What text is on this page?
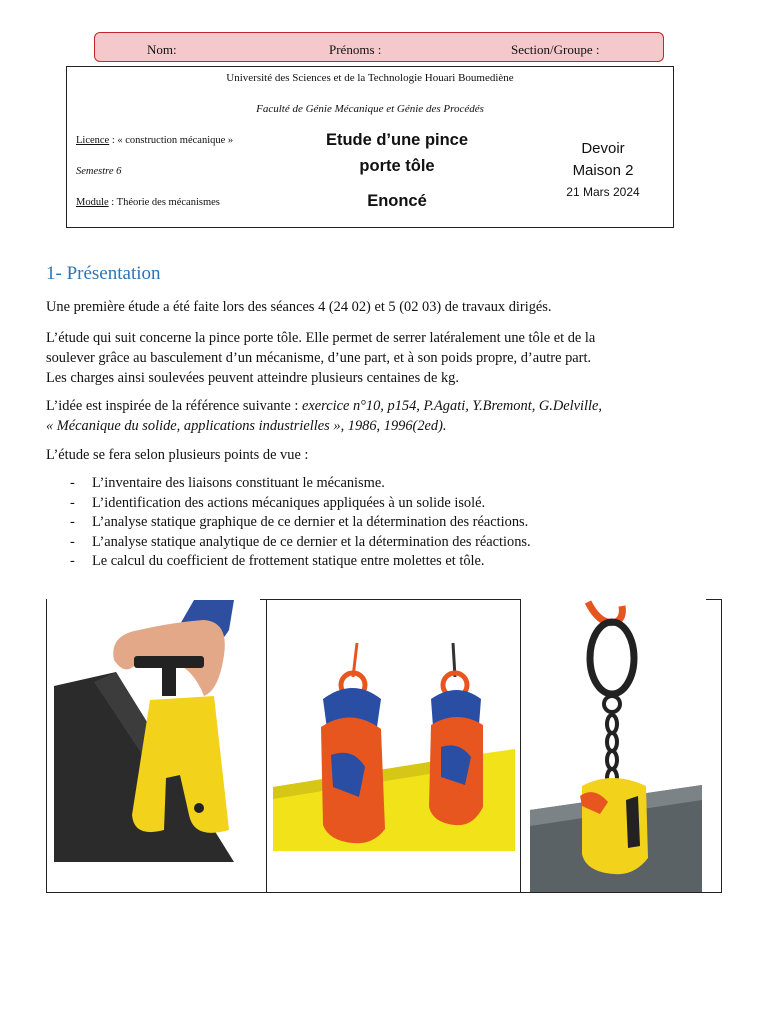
Nom:	Prénoms :	Section/Groupe :
Université des Sciences et de la Technologie Houari Boumediène
Faculté de Génie Mécanique et Génie des Procédés
Licence : « construction mécanique »
Semestre 6
Module : Théorie des mécanismes
Etude d’une pince
porte tôle
Enoncé
Devoir
Maison 2
21 Mars 2024
1- Présentation

Une première étude a été faite lors des séances 4 (24 02) et 5 (02 03) de travaux dirigés.

L’étude qui suit concerne la pince porte tôle. Elle permet de serrer latéralement une tôle et de la
soulever grâce au basculement d’un mécanisme, d’une part, et à son poids propre, d’autre part.
Les charges ainsi soulevées peuvent atteindre plusieurs centaines de kg.
L’idée est inspirée de la référence suivante : exercice n°10, p154, P.Agati, Y.Bremont, G.Delville,
« Mécanique du solide, applications industrielles », 1986, 1996(2ed).

L’étude se fera selon plusieurs points de vue :

- L’inventaire des liaisons constituant le mécanisme.
- L’identification des actions mécaniques appliquées à un solide isolé.
- L’analyse statique graphique de ce dernier et la détermination des réactions.
- L’analyse statique analytique de ce dernier et la détermination des réactions.
- Le calcul du coefficient de frottement statique entre molettes et tôle.
